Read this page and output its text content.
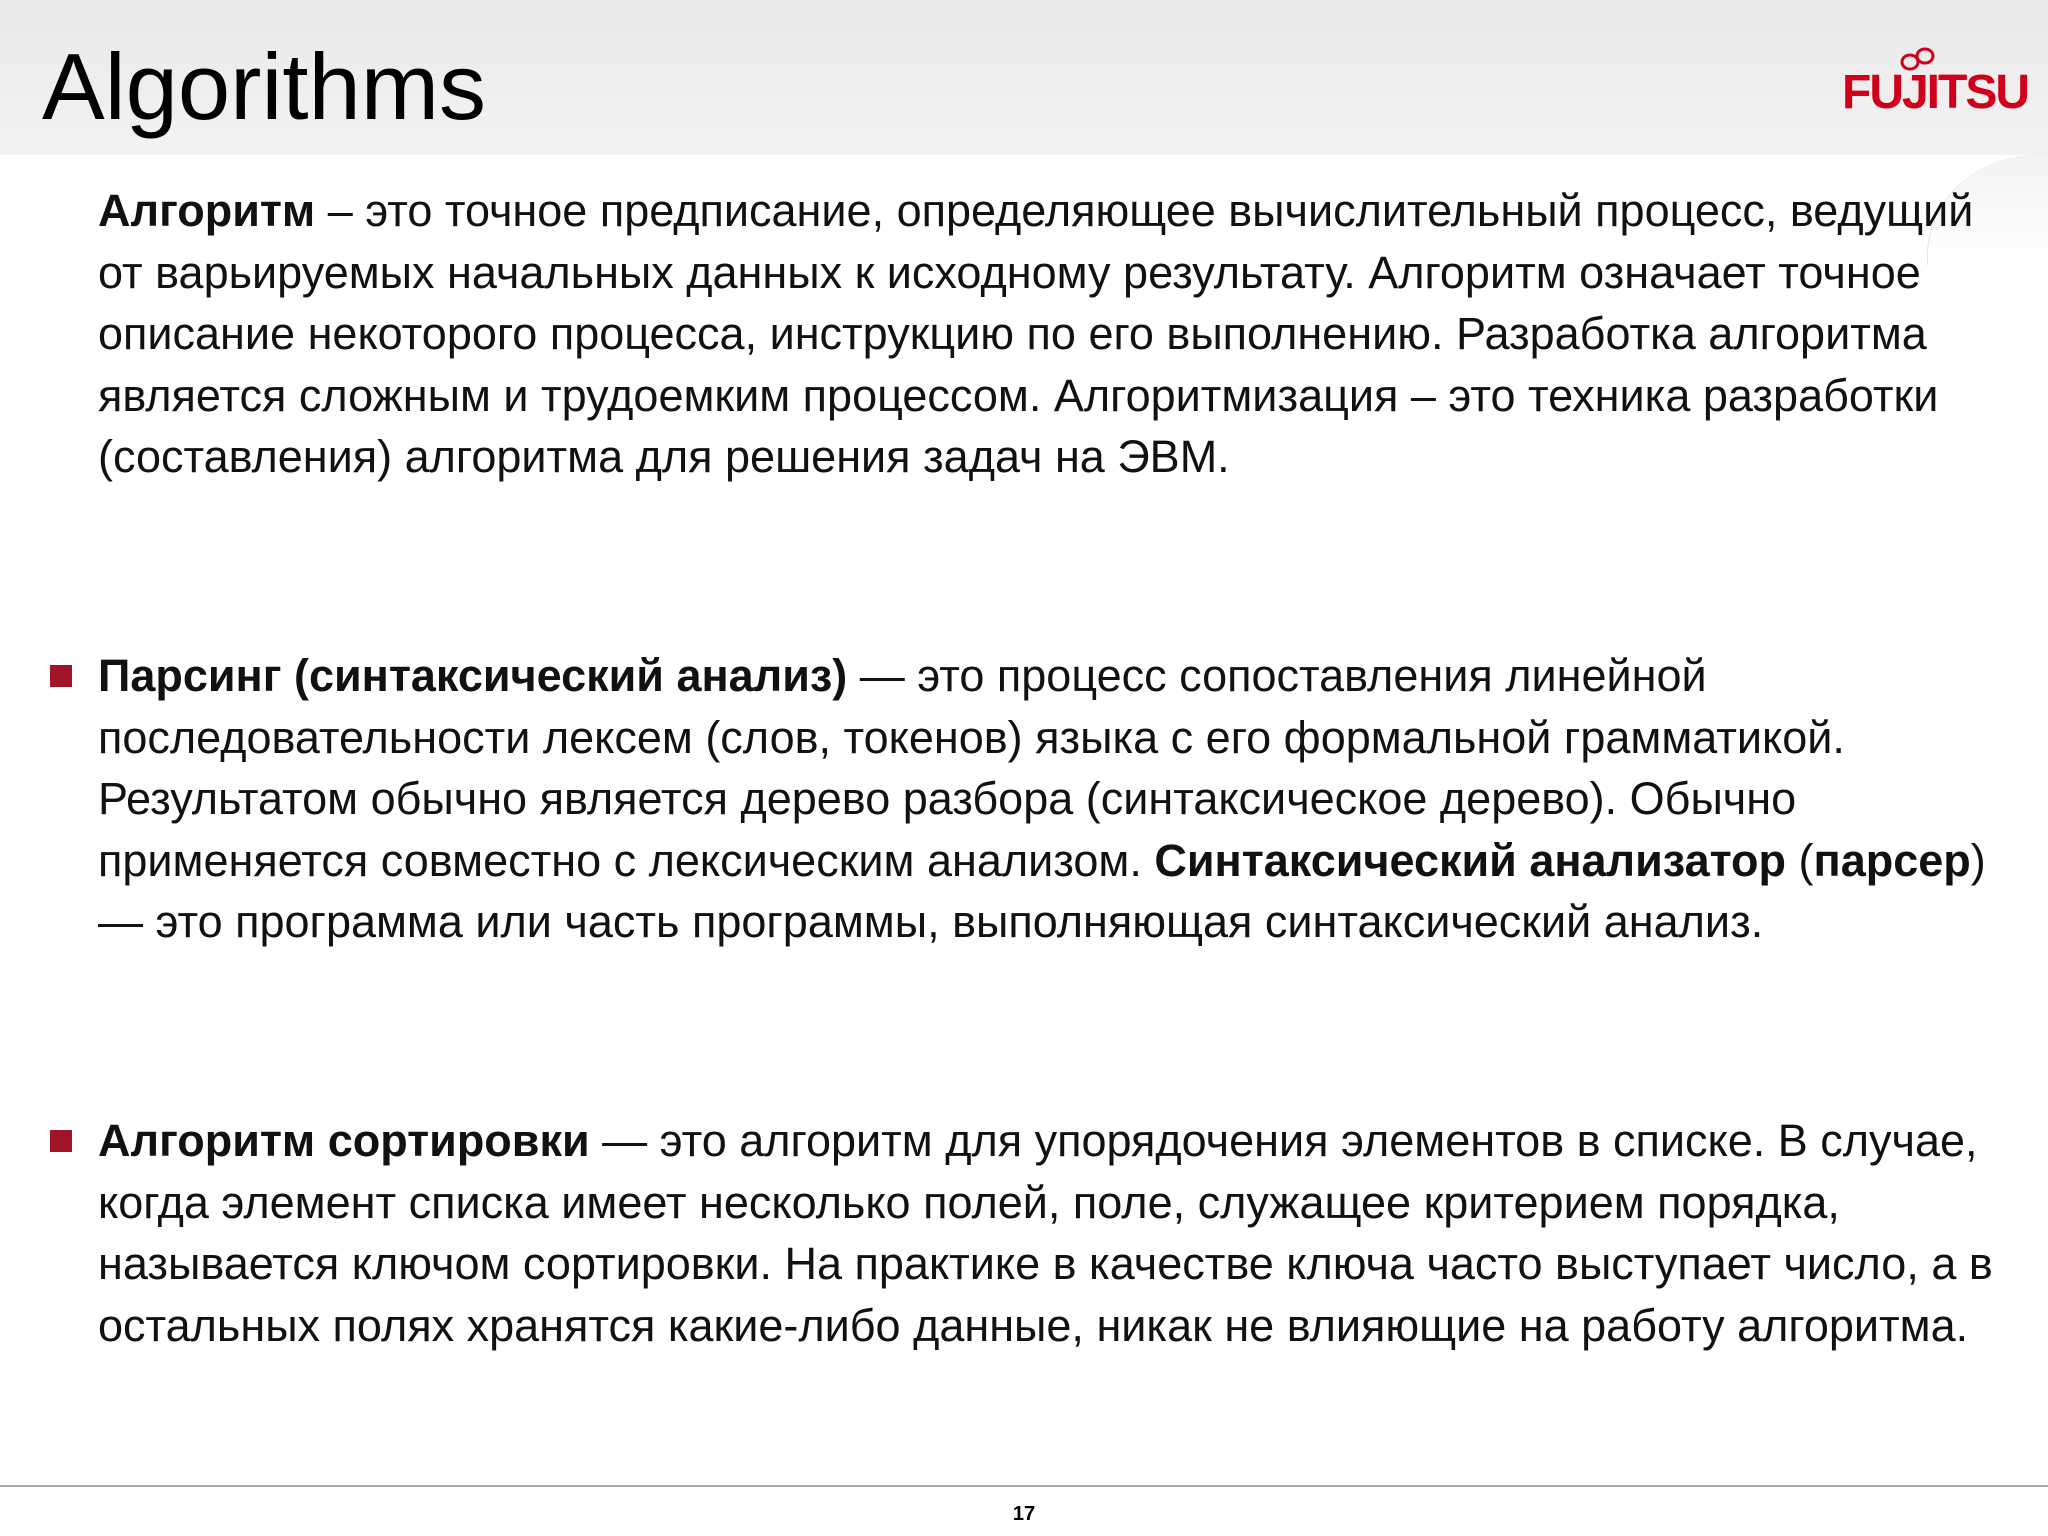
Algorithms	FUJITSU
Алгоритм – это точное предписание, определяющее вычислительный процесс, ведущий от варьируемых начальных данных к исходному результату. Алгоритм означает точное описание некоторого процесса, инструкцию по его выполнению. Разработка алгоритма является сложным и трудоемким процессом. Алгоритмизация – это техника разработки (составления) алгоритма для решения задач на ЭВМ.
Парсинг (синтаксический анализ) — это процесс сопоставления линейной последовательности лексем (слов, токенов) языка с его формальной грамматикой. Результатом обычно является дерево разбора (синтаксическое дерево). Обычно применяется совместно с лексическим анализом. Синтаксический анализатор (парсер) — это программа или часть программы, выполняющая синтаксический анализ.
Алгоритм сортировки — это алгоритм для упорядочения элементов в списке. В случае, когда элемент списка имеет несколько полей, поле, служащее критерием порядка, называется ключом сортировки. На практике в качестве ключа часто выступает число, а в остальных полях хранятся какие-либо данные, никак не влияющие на работу алгоритма.
17
